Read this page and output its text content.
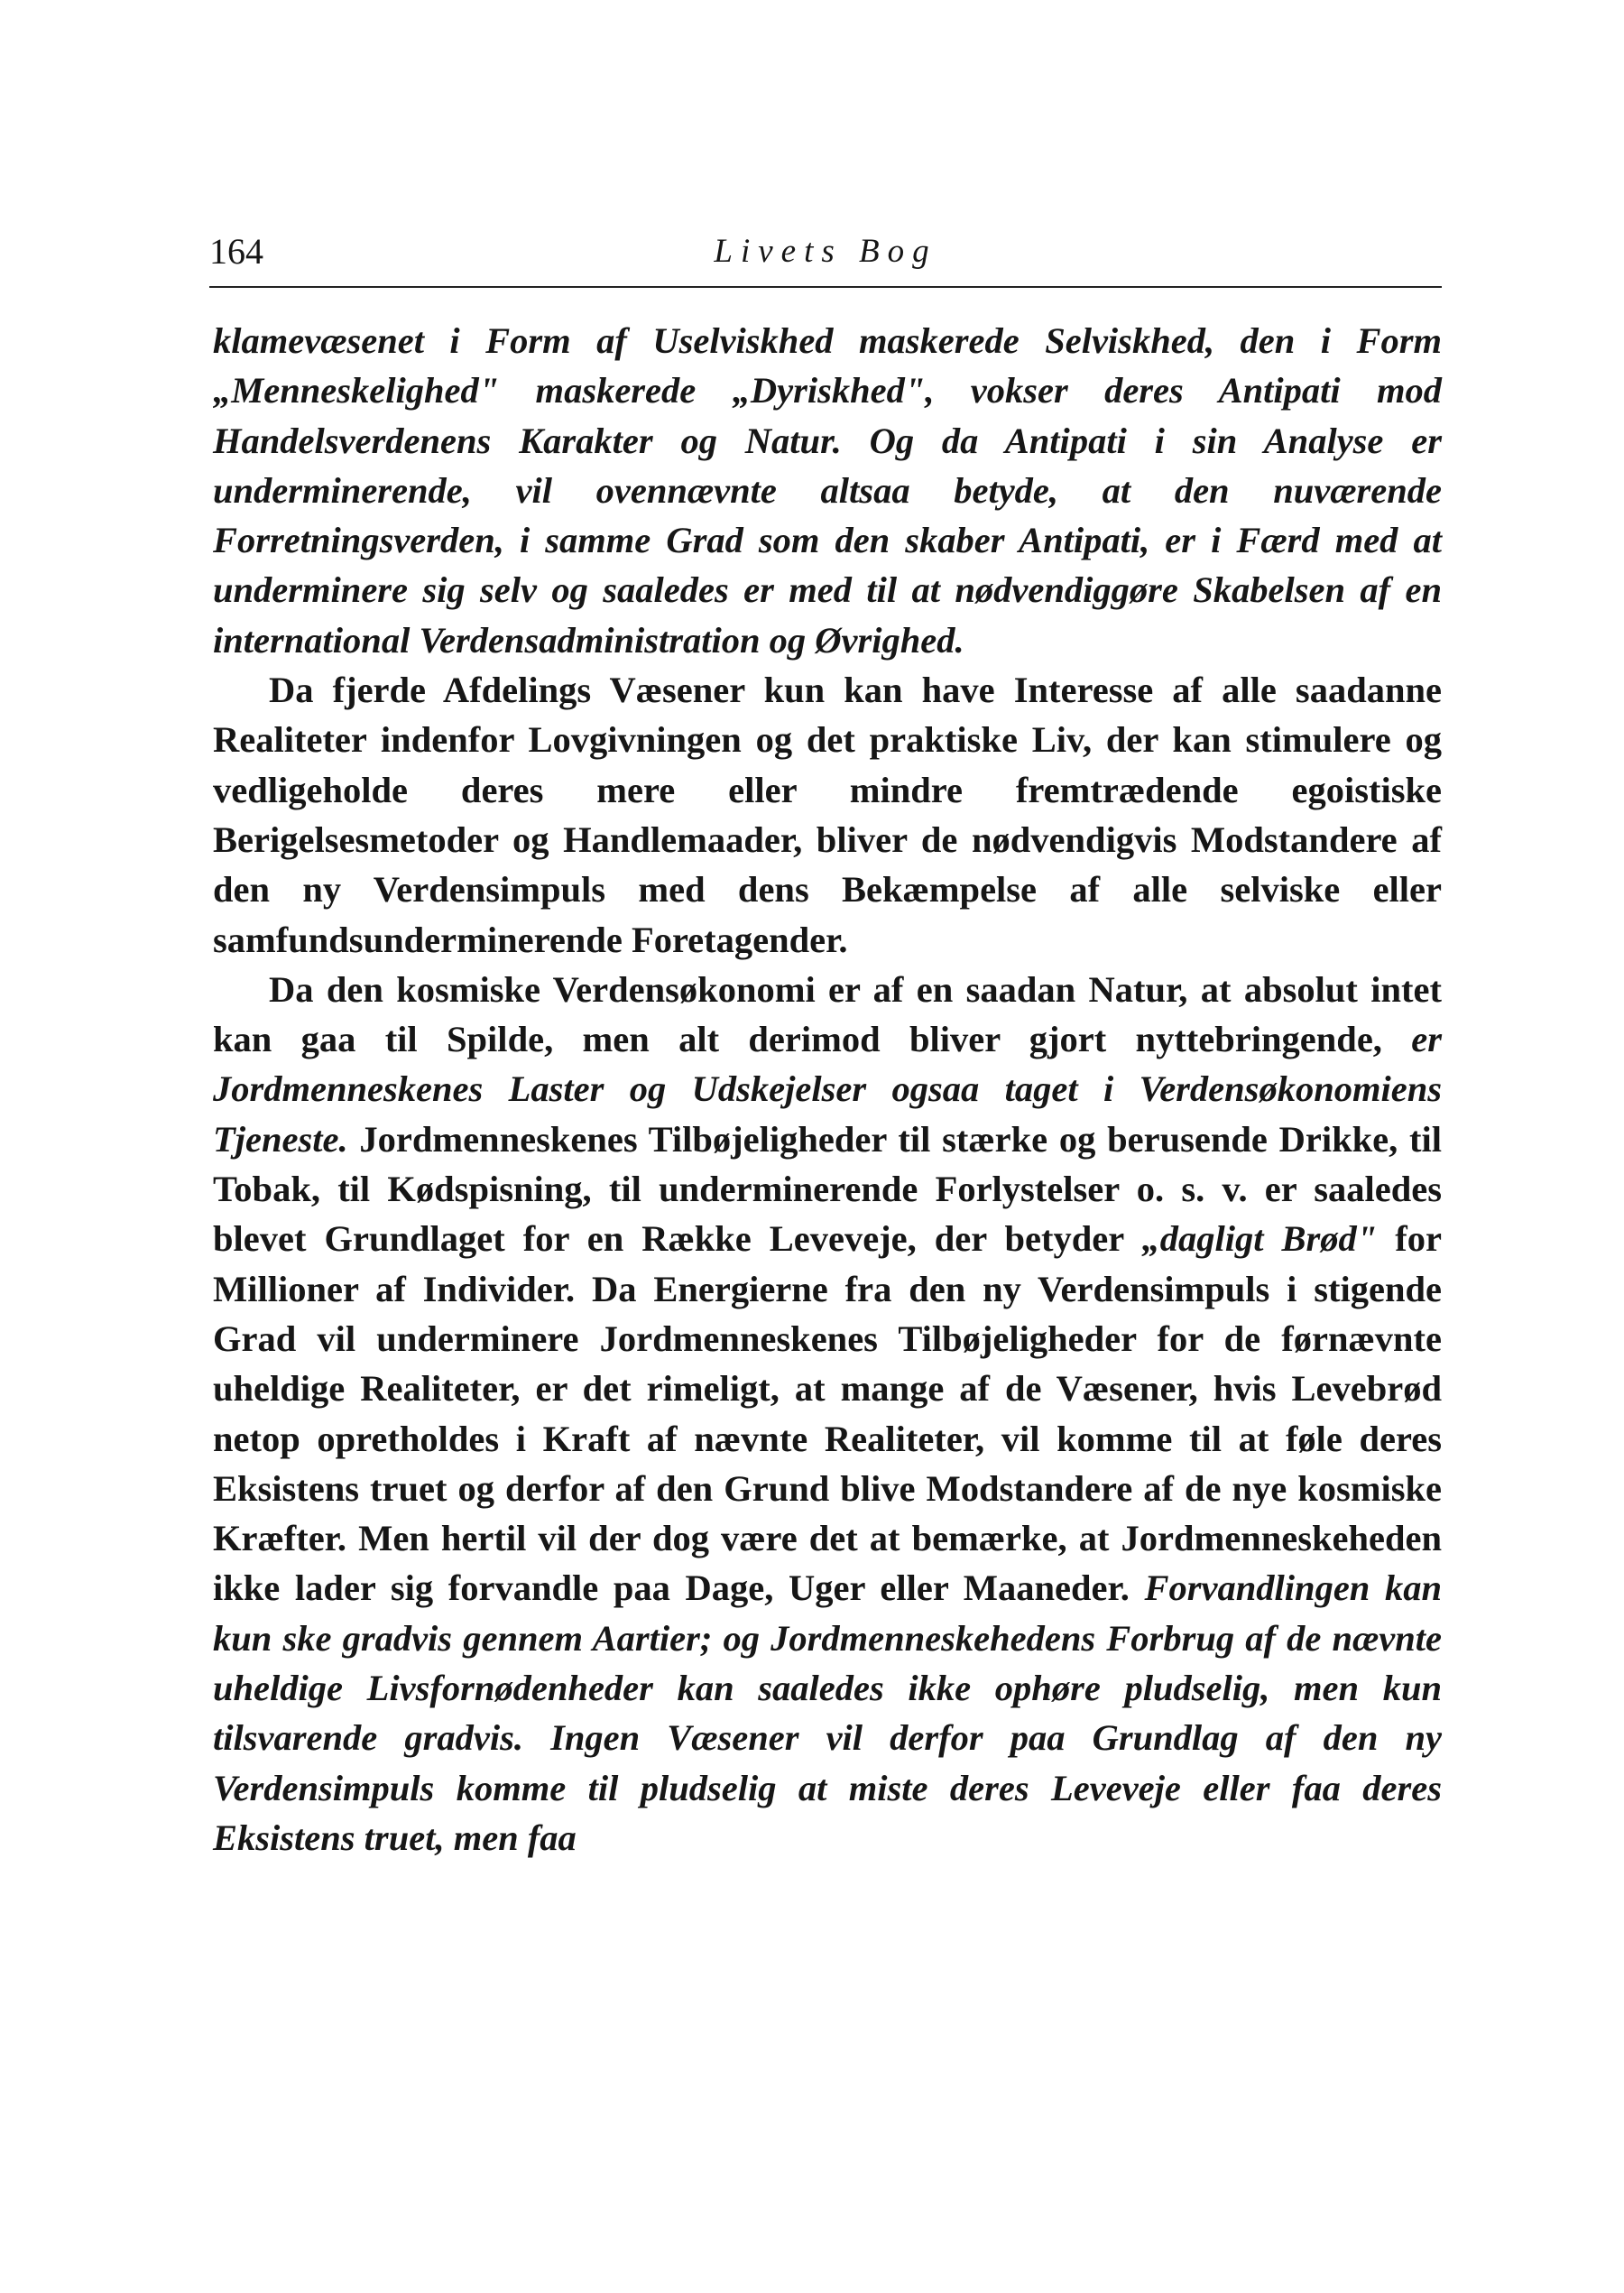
164	Livets Bog

klamevæsenet i Form af Uselviskhed maskerede Selviskhed, den i Form „Menneskelighed" maskerede „Dyriskhed", vokser deres Antipati mod Handelsverdenens Karakter og Natur. Og da Antipati i sin Analyse er underminerende, vil ovennævnte altsaa betyde, at den nuværende Forretningsverden, i samme Grad som den skaber Antipati, er i Færd med at underminere sig selv og saaledes er med til at nødvendiggøre Skabelsen af en international Verdensadministration og Øvrighed.

Da fjerde Afdelings Væsener kun kan have Interesse af alle saadanne Realiteter indenfor Lovgivningen og det praktiske Liv, der kan stimulere og vedligeholde deres mere eller mindre fremtrædende egoistiske Berigelsesmetoder og Handlemaader, bliver de nødvendigvis Modstandere af den ny Verdensimpuls med dens Bekæmpelse af alle selviske eller samfundsunderminerende Foretagender.

Da den kosmiske Verdensøkonomi er af en saadan Natur, at absolut intet kan gaa til Spilde, men alt derimod bliver gjort nyttebringende, er Jordmenneskenes Laster og Udskejelser ogsaa taget i Verdensøkonomiens Tjeneste. Jordmenneskenes Tilbøjeligheder til stærke og berusende Drikke, til Tobak, til Kødspisning, til underminerende Forlystelser o. s. v. er saaledes blevet Grundlaget for en Række Leveveje, der betyder „dagligt Brød" for Millioner af Individer. Da Energierne fra den ny Verdensimpuls i stigende Grad vil underminere Jordmenneskenes Tilbøjeligheder for de førnævnte uheldige Realiteter, er det rimeligt, at mange af de Væsener, hvis Levebrød netop opretholdes i Kraft af nævnte Realiteter, vil komme til at føle deres Eksistens truet og derfor af den Grund blive Modstandere af de nye kosmiske Kræfter. Men hertil vil der dog være det at bemærke, at Jordmenneskeheden ikke lader sig forvandle paa Dage, Uger eller Maaneder. Forvandlingen kan kun ske gradvis gennem Aartier; og Jordmenneskehedens Forbrug af de nævnte uheldige Livsfornødenheder kan saaledes ikke ophøre pludselig, men kun tilsvarende gradvis. Ingen Væsener vil derfor paa Grundlag af den ny Verdensimpuls komme til pludselig at miste deres Leveveje eller faa deres Eksistens truet, men faa
